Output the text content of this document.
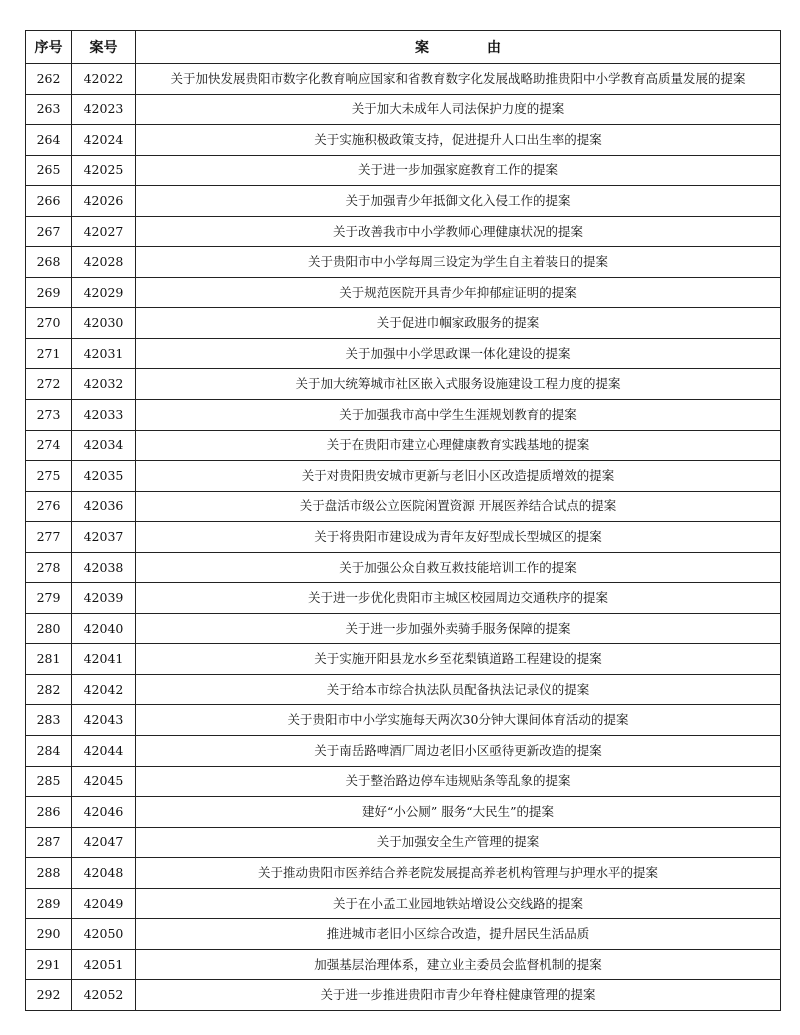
序号	案号	案　由
262	42022	关于加快发展贵阳市数字化教育响应国家和省教育数字化发展战略助推贵阳中小学教育高质量发展的提案
263	42023	关于加大未成年人司法保护力度的提案
264	42024	关于实施积极政策支持，促进提升人口出生率的提案
265	42025	关于进一步加强家庭教育工作的提案
266	42026	关于加强青少年抵御文化入侵工作的提案
267	42027	关于改善我市中小学教师心理健康状况的提案
268	42028	关于贵阳市中小学每周三设定为学生自主着装日的提案
269	42029	关于规范医院开具青少年抑郁症证明的提案
270	42030	关于促进巾帼家政服务的提案
271	42031	关于加强中小学思政课一体化建设的提案
272	42032	关于加大统筹城市社区嵌入式服务设施建设工程力度的提案
273	42033	关于加强我市高中学生生涯规划教育的提案
274	42034	关于在贵阳市建立心理健康教育实践基地的提案
275	42035	关于对贵阳贵安城市更新与老旧小区改造提质增效的提案
276	42036	关于盘活市级公立医院闲置资源 开展医养结合试点的提案
277	42037	关于将贵阳市建设成为青年友好型成长型城区的提案
278	42038	关于加强公众自救互救技能培训工作的提案
279	42039	关于进一步优化贵阳市主城区校园周边交通秩序的提案
280	42040	关于进一步加强外卖骑手服务保障的提案
281	42041	关于实施开阳县龙水乡至花梨镇道路工程建设的提案
282	42042	关于给本市综合执法队员配备执法记录仪的提案
283	42043	关于贵阳市中小学实施每天两次30分钟大课间体育活动的提案
284	42044	关于南岳路啤酒厂周边老旧小区亟待更新改造的提案
285	42045	关于整治路边停车违规贴条等乱象的提案
286	42046	建好“小公厕” 服务“大民生”的提案
287	42047	关于加强安全生产管理的提案
288	42048	关于推动贵阳市医养结合养老院发展提高养老机构管理与护理水平的提案
289	42049	关于在小孟工业园地铁站增设公交线路的提案
290	42050	推进城市老旧小区综合改造，提升居民生活品质
291	42051	加强基层治理体系，建立业主委员会监督机制的提案
292	42052	关于进一步推进贵阳市青少年脊柱健康管理的提案
